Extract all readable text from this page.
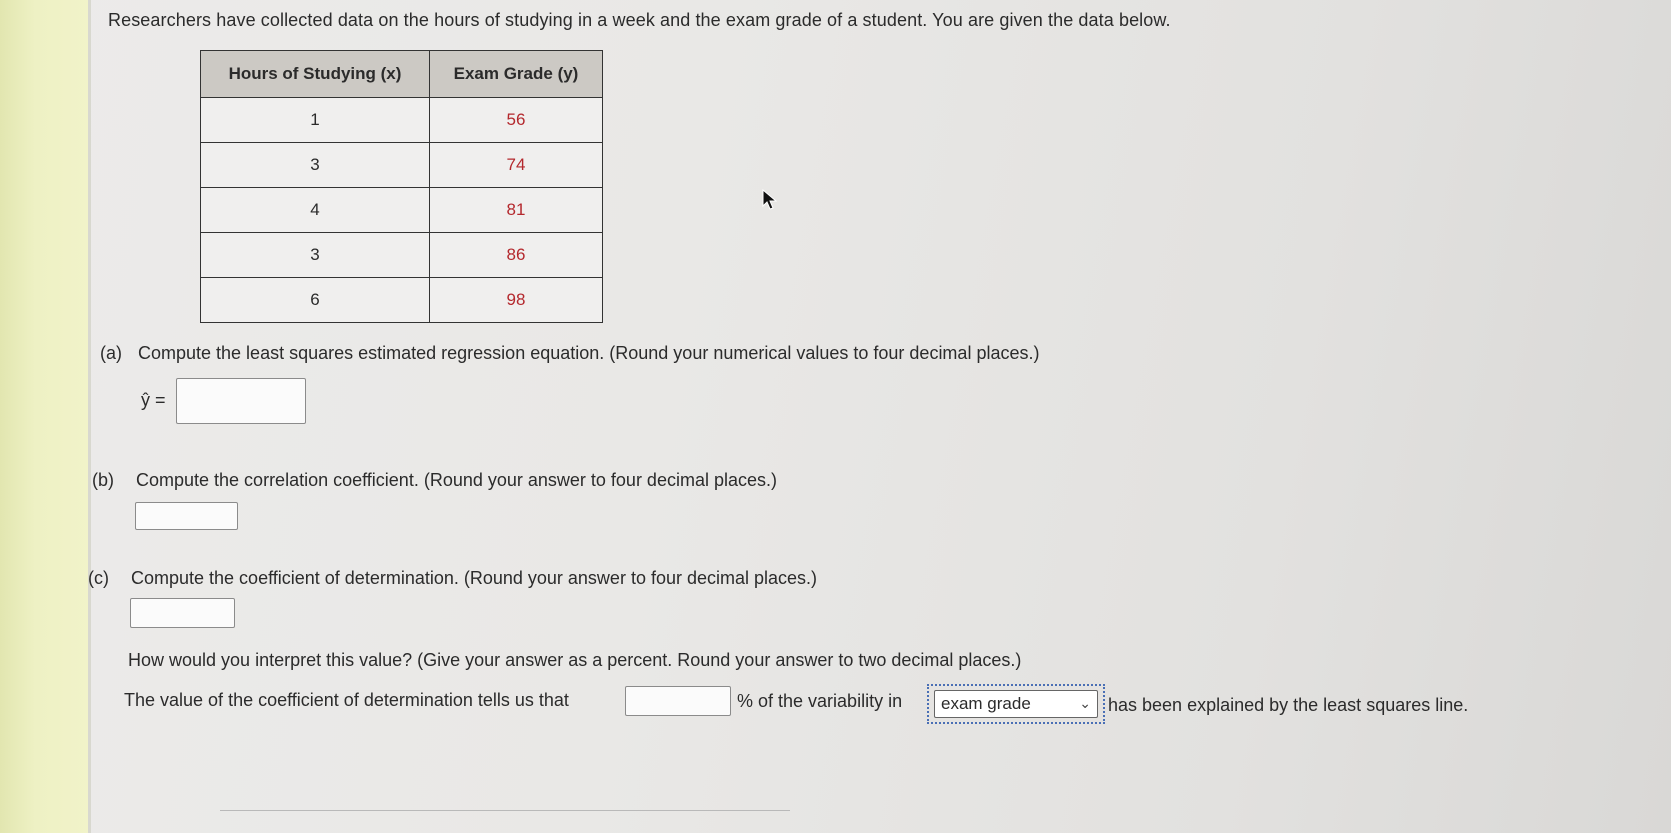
Researchers have collected data on the hours of studying in a week and the exam grade of a student. You are given the data below.
Hours of Studying (x)	Exam Grade (y)
1	56
3	74
4	81
3	86
6	98
(a) Compute the least squares estimated regression equation. (Round your numerical values to four decimal places.)
ŷ =
(b) Compute the correlation coefficient. (Round your answer to four decimal places.)
(c) Compute the coefficient of determination. (Round your answer to four decimal places.)
How would you interpret this value? (Give your answer as a percent. Round your answer to two decimal places.)
The value of the coefficient of determination tells us that	% of the variability in	exam grade	⌄ has been explained by the least squares line.
